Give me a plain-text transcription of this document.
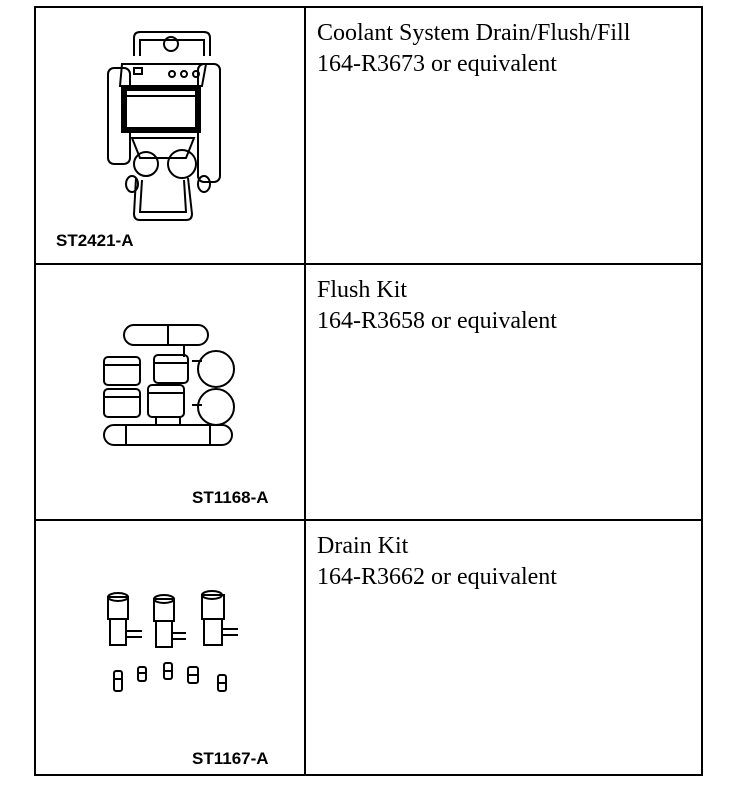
ST2421-A
Coolant System Drain/Flush/Fill
164-R3673 or equivalent
ST1168-A
Flush Kit
164-R3658 or equivalent
ST1167-A
Drain Kit
164-R3662 or equivalent
